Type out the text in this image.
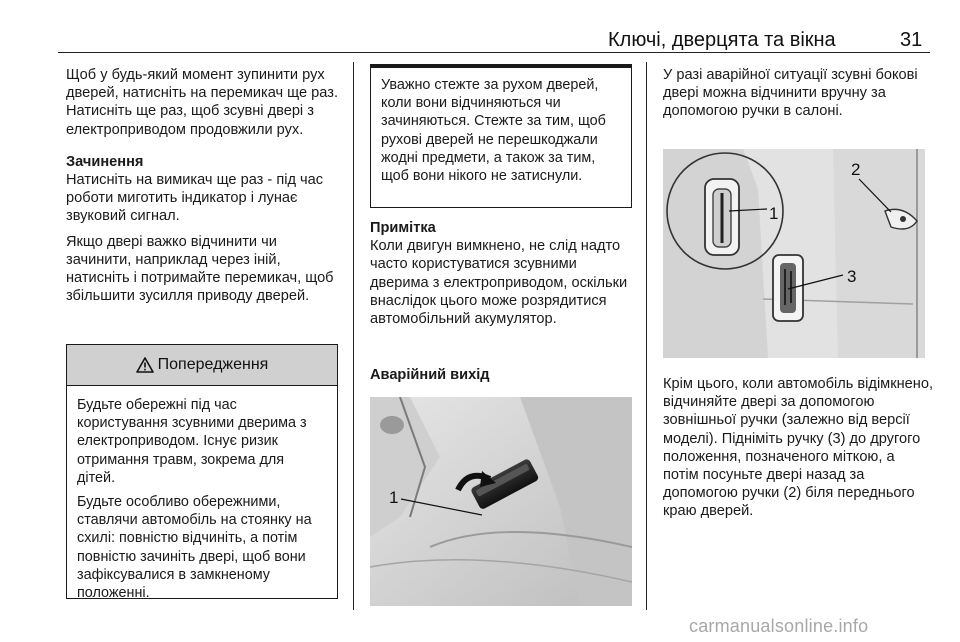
Ключі, дверцята та вікна	31

Щоб у будь-який момент зупинити рух дверей, натисніть на перемикач ще раз. Натисніть ще раз, щоб зсувні двері з електроприводом продовжили рух.

Зачинення

Натисніть на вимикач ще раз - під час роботи миготить індикатор і лунає звуковий сигнал.

Якщо двері важко відчинити чи зачинити, наприклад через іній, натисніть і потримайте перемикач, щоб збільшити зусилля приводу дверей.

Попередження

Будьте обережні під час користування зсувними дверима з електроприводом. Існує ризик отримання травм, зокрема для дітей.

Будьте особливо обережними, ставлячи автомобіль на стоянку на схилі: повністю відчиніть, а потім повністю зачиніть двері, щоб вони зафіксувалися в замкненому положенні.

Уважно стежте за рухом дверей, коли вони відчиняються чи зачиняються. Стежте за тим, щоб рухові дверей не перешкоджали жодні предмети, а також за тим, щоб вони нікого не затиснули.
Примітка

Коли двигун вимкнено, не слід надто часто користуватися зсувними дверима з електроприводом, оскільки внаслідок цього може розрядитися автомобільний акумулятор.

Аварійний вихід
1

У разі аварійної ситуації зсувні бокові двері можна відчинити вручну за допомогою ручки в салоні.

2
1
3

Крім цього, коли автомобіль відімкнено, відчиняйте двері за допомогою зовнішньої ручки (залежно від версії моделі). Підніміть ручку (3) до другого положення, позначеного міткою, а потім посуньте двері назад за допомогою ручки (2) біля переднього краю дверей.

carmanualsonline.info
